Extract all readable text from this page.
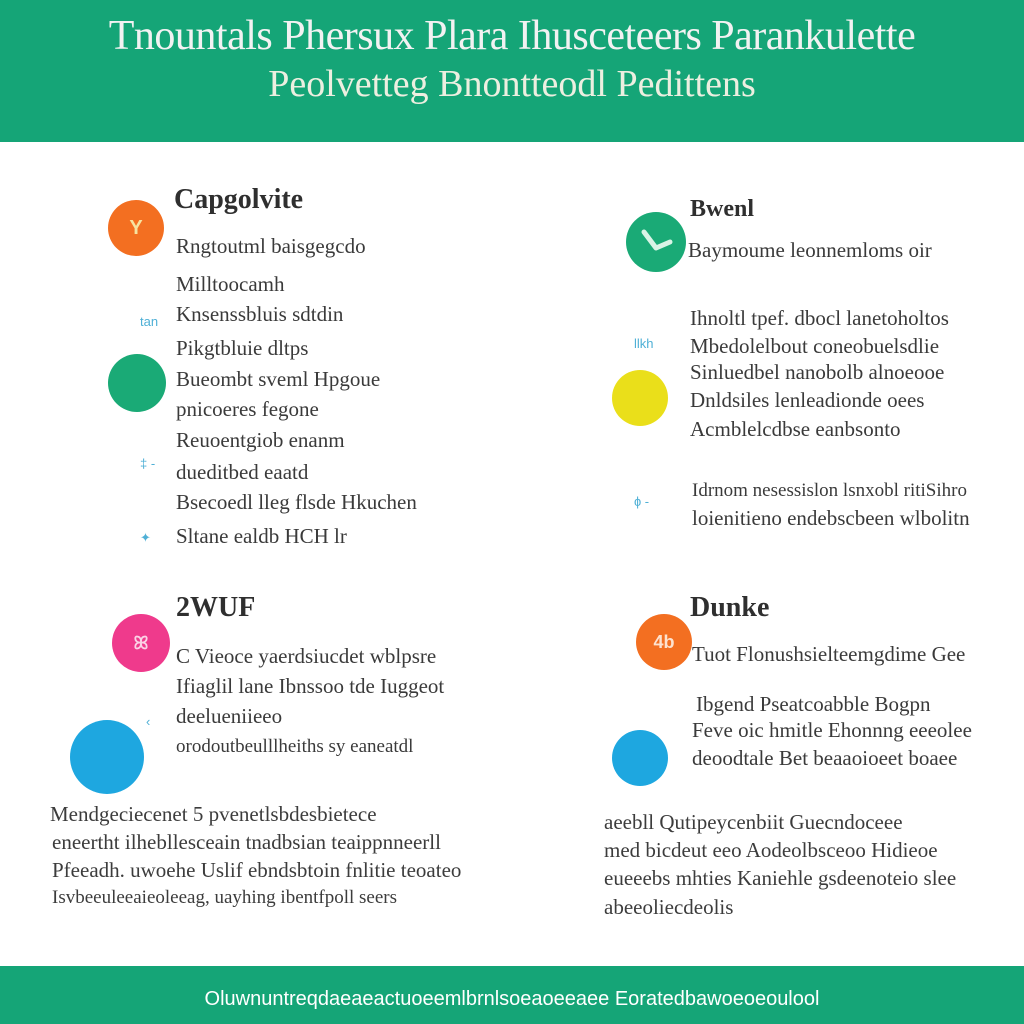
Tnountals Phersux Plara Ihusceteers Parankulette
Peolvetteg Bnontteodl Pedittens
Y
Capgolvite
Rngtoutml baisgegcdo
Milltoocamh
tan Knsenssbluis sdtdin
Pikgtbluie dltps
Bueombt sveml Hpgoue
pnicoeres fegone
Reuoentgiob enanm
‡ - dueditbed eaatd
Bsecoedl lleg flsde Hkuchen
✦ Sltane ealdb HCH lr
Bwenl
Baymoume leonnemloms oir
Ihnoltl tpef. dbocl lanetoholtos
llkh Mbedolelbout coneobuelsdlie
Sinluedbel nanobolb alnoeooe
Dnldsiles lenleadionde oees
Acmblelcdbse eanbsonto
ɸ -
Idrnom nesessislon lsnxobl ritiSihro
loienitieno endebscbeen wlbolitn
ꕤ
2WUF
C Vieoce yaerdsiucdet wblpsre
Ifiaglil lane Ibnssoo tde Iuggeot
deelueniieeo
‹
orodoutbeulllheiths sy eaneatdl
4b
Dunke
Tuot Flonushsielteemgdime Gee
Ibgend Pseatcoabble Bogpn
Feve oic hmitle Ehonnng eeeolee
deoodtale Bet beaaoioeet boaee
Mendgeciecenet 5 pvenetlsbdesbietece
eneertht ilhebllesceain tnadbsian teaippnneerll
Pfeeadh. uwoehe Uslif ebndsbtoin fnlitie teoateo
Isvbeeuleeaieoleeag, uayhing ibentfpoll seers
aeebll Qutipeycenbiit Guecndoceee
med bicdeut eeo Aodeolbsceoo Hidieoe
eueeebs mhties Kaniehle gsdeenoteio slee
abeeoliecdeolis
Oluwnuntreqdaeaeactuoeemlbrnlsoeaoeeaee Eoratedbawoeoeoulool
